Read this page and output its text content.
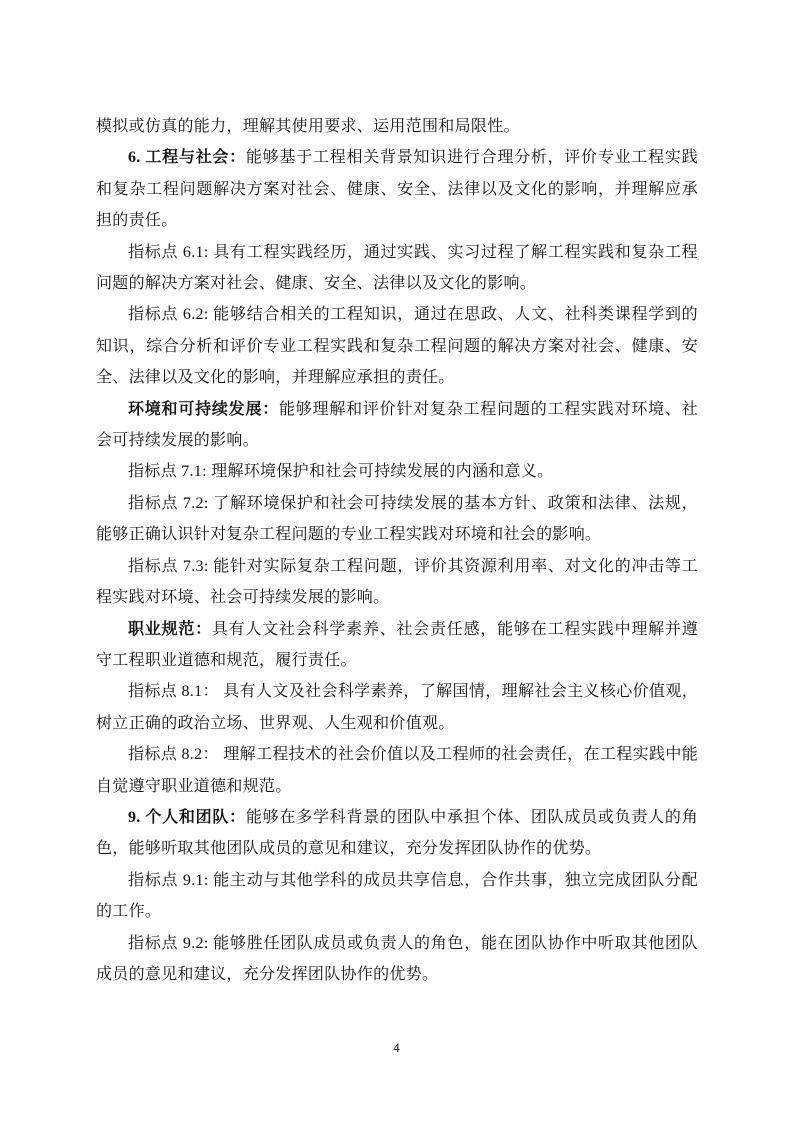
模拟或仿真的能力，理解其使用要求、运用范围和局限性。

6. 工程与社会：能够基于工程相关背景知识进行合理分析，评价专业工程实践和复杂工程问题解决方案对社会、健康、安全、法律以及文化的影响，并理解应承担的责任。

指标点 6.1: 具有工程实践经历，通过实践、实习过程了解工程实践和复杂工程问题的解决方案对社会、健康、安全、法律以及文化的影响。

指标点 6.2: 能够结合相关的工程知识，通过在思政、人文、社科类课程学到的知识，综合分析和评价专业工程实践和复杂工程问题的解决方案对社会、健康、安全、法律以及文化的影响，并理解应承担的责任。

环境和可持续发展：能够理解和评价针对复杂工程问题的工程实践对环境、社会可持续发展的影响。

指标点 7.1: 理解环境保护和社会可持续发展的内涵和意义。

指标点 7.2: 了解环境保护和社会可持续发展的基本方针、政策和法律、法规，能够正确认识针对复杂工程问题的专业工程实践对环境和社会的影响。

指标点 7.3: 能针对实际复杂工程问题，评价其资源利用率、对文化的冲击等工程实践对环境、社会可持续发展的影响。

职业规范：具有人文社会科学素养、社会责任感，能够在工程实践中理解并遵守工程职业道德和规范，履行责任。

指标点 8.1： 具有人文及社会科学素养，了解国情，理解社会主义核心价值观，树立正确的政治立场、世界观、人生观和价值观。

指标点 8.2： 理解工程技术的社会价值以及工程师的社会责任，在工程实践中能自觉遵守职业道德和规范。

9. 个人和团队：能够在多学科背景的团队中承担个体、团队成员或负责人的角色，能够听取其他团队成员的意见和建议，充分发挥团队协作的优势。

指标点 9.1: 能主动与其他学科的成员共享信息，合作共事，独立完成团队分配的工作。

指标点 9.2: 能够胜任团队成员或负责人的角色，能在团队协作中听取其他团队成员的意见和建议，充分发挥团队协作的优势。

4
